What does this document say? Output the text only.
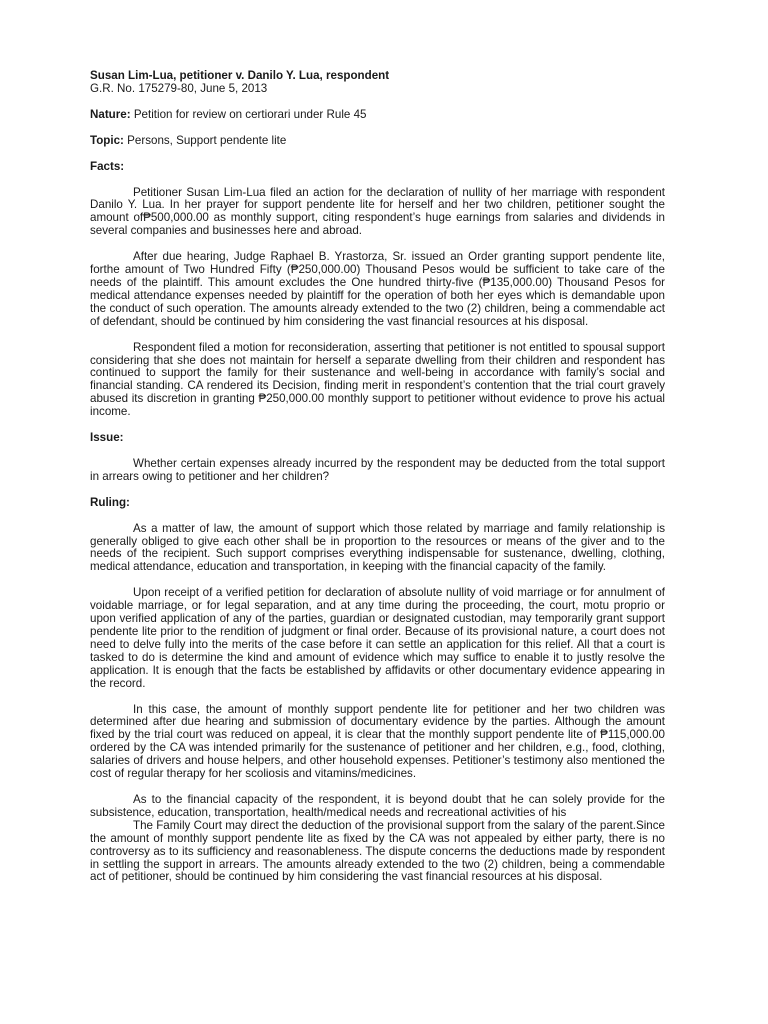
Susan Lim-Lua, petitioner v. Danilo Y. Lua, respondent
G.R. No. 175279-80, June 5, 2013
Nature: Petition for review on certiorari under Rule 45
Topic: Persons, Support pendente lite
Facts:

Petitioner Susan Lim-Lua filed an action for the declaration of nullity of her marriage with respondent Danilo Y. Lua. In her prayer for support pendente lite for herself and her two children, petitioner sought the amount of₱500,000.00 as monthly support, citing respondent’s huge earnings from salaries and dividends in several companies and businesses here and abroad.

After due hearing, Judge Raphael B. Yrastorza, Sr. issued an Order granting support pendente lite, forthe amount of Two Hundred Fifty (₱250,000.00) Thousand Pesos would be sufficient to take care of the needs of the plaintiff. This amount excludes the One hundred thirty-five (₱135,000.00) Thousand Pesos for medical attendance expenses needed by plaintiff for the operation of both her eyes which is demandable upon the conduct of such operation. The amounts already extended to the two (2) children, being a commendable act of defendant, should be continued by him considering the vast financial resources at his disposal.

Respondent filed a motion for reconsideration, asserting that petitioner is not entitled to spousal support considering that she does not maintain for herself a separate dwelling from their children and respondent has continued to support the family for their sustenance and well-being in accordance with family’s social and financial standing. CA rendered its Decision, finding merit in respondent’s contention that the trial court gravely abused its discretion in granting ₱250,000.00 monthly support to petitioner without evidence to prove his actual income.

Issue:

Whether certain expenses already incurred by the respondent may be deducted from the total support in arrears owing to petitioner and her children?

Ruling:

As a matter of law, the amount of support which those related by marriage and family relationship is generally obliged to give each other shall be in proportion to the resources or means of the giver and to the needs of the recipient. Such support comprises everything indispensable for sustenance, dwelling, clothing, medical attendance, education and transportation, in keeping with the financial capacity of the family.

Upon receipt of a verified petition for declaration of absolute nullity of void marriage or for annulment of voidable marriage, or for legal separation, and at any time during the proceeding, the court, motu proprio or upon verified application of any of the parties, guardian or designated custodian, may temporarily grant support pendente lite prior to the rendition of judgment or final order. Because of its provisional nature, a court does not need to delve fully into the merits of the case before it can settle an application for this relief. All that a court is tasked to do is determine the kind and amount of evidence which may suffice to enable it to justly resolve the application. It is enough that the facts be established by affidavits or other documentary evidence appearing in the record.

In this case, the amount of monthly support pendente lite for petitioner and her two children was determined after due hearing and submission of documentary evidence by the parties. Although the amount fixed by the trial court was reduced on appeal, it is clear that the monthly support pendente lite of ₱115,000.00 ordered by the CA was intended primarily for the sustenance of petitioner and her children, e.g., food, clothing, salaries of drivers and house helpers, and other household expenses. Petitioner’s testimony also mentioned the cost of regular therapy for her scoliosis and vitamins/medicines.

As to the financial capacity of the respondent, it is beyond doubt that he can solely provide for the subsistence, education, transportation, health/medical needs and recreational activities of his

The Family Court may direct the deduction of the provisional support from the salary of the parent.Since the amount of monthly support pendente lite as fixed by the CA was not appealed by either party, there is no controversy as to its sufficiency and reasonableness. The dispute concerns the deductions made by respondent in settling the support in arrears. The amounts already extended to the two (2) children, being a commendable act of petitioner, should be continued by him considering the vast financial resources at his disposal.
